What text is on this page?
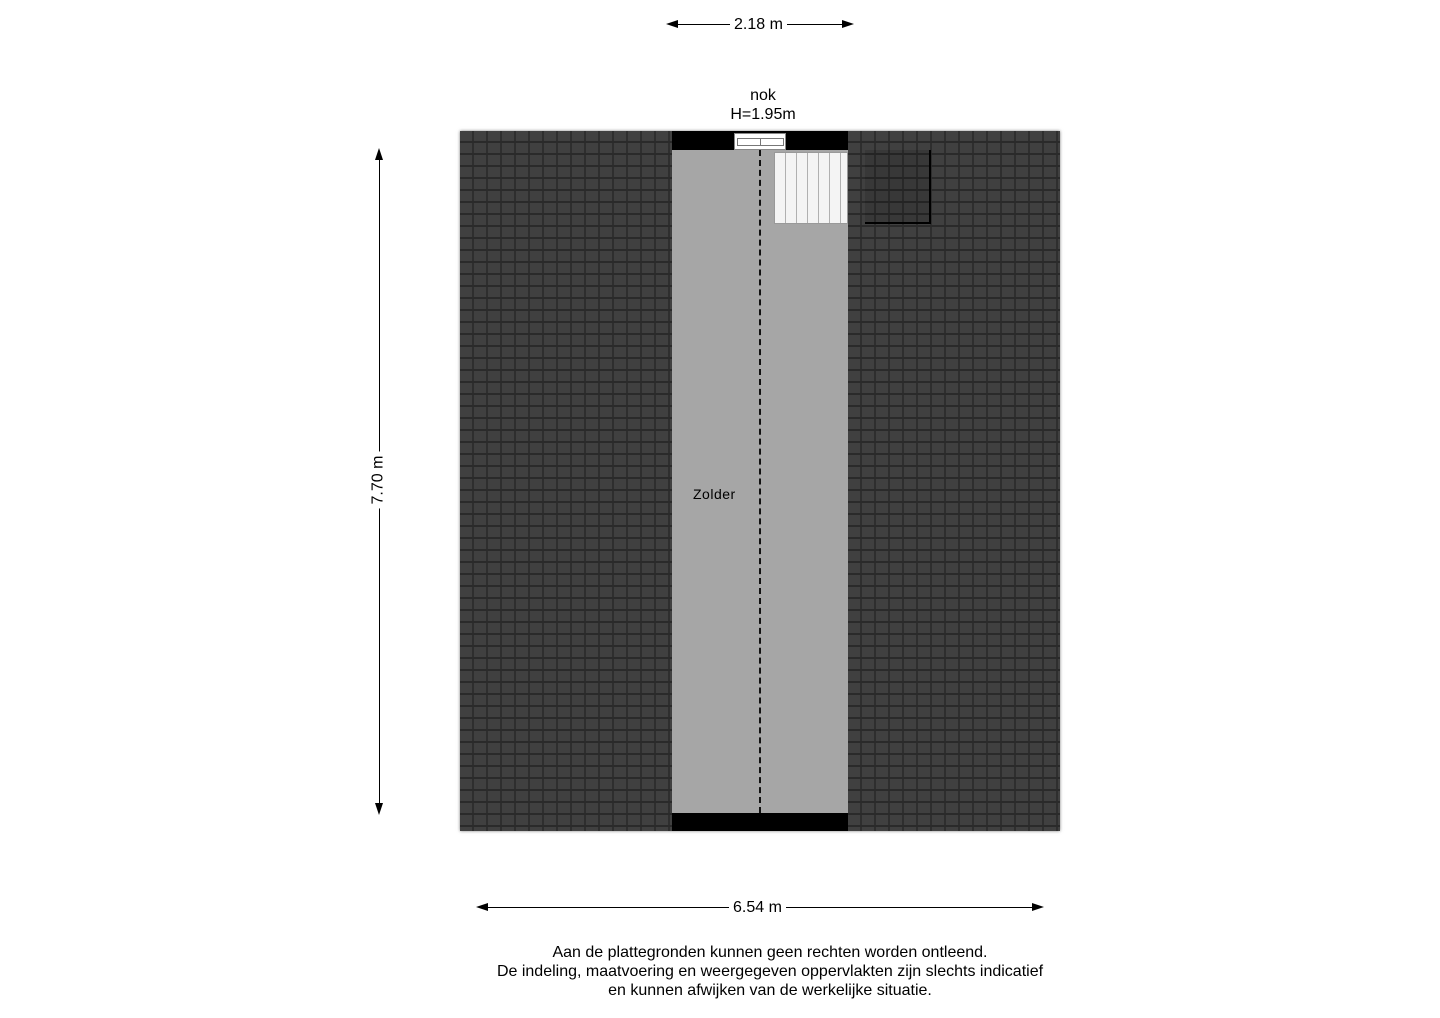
2.18 m
nok
H=1.95m
7.70 m	Zolder
6.54 m
Aan de plattegronden kunnen geen rechten worden ontleend.
De indeling, maatvoering en weergegeven oppervlakten zijn slechts indicatief
en kunnen afwijken van de werkelijke situatie.
